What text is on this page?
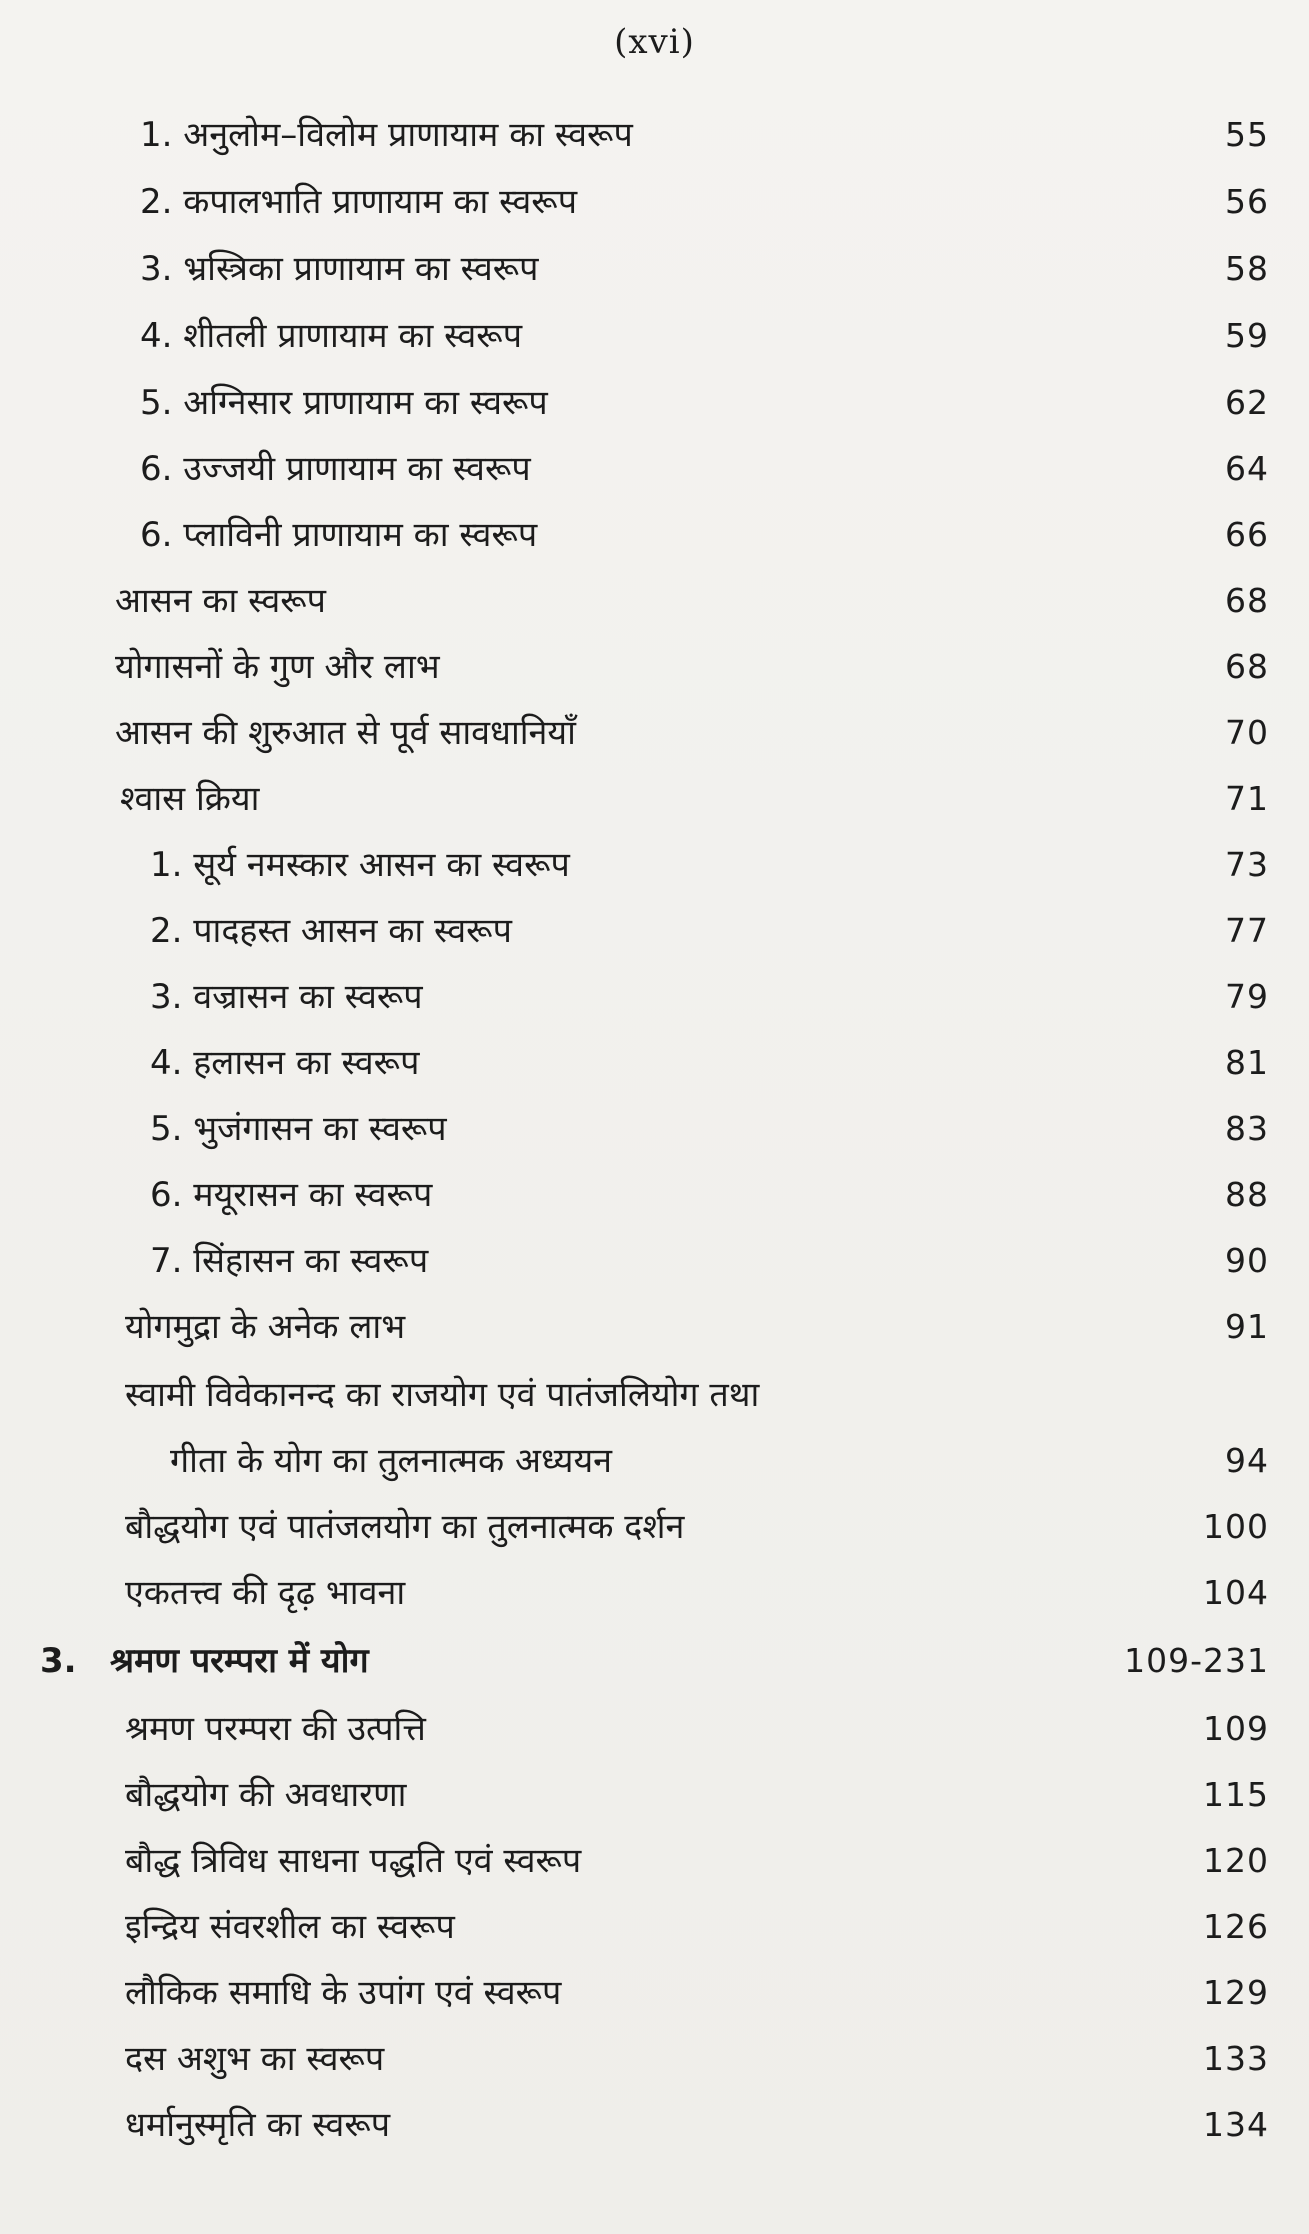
(xvi)
1. अनुलोम–विलोम प्राणायाम का स्वरूप	55
2. कपालभाति प्राणायाम का स्वरूप	56
3. भ्रस्त्रिका प्राणायाम का स्वरूप	58
4. शीतली प्राणायाम का स्वरूप	59
5. अग्निसार प्राणायाम का स्वरूप	62
6. उज्जयी प्राणायाम का स्वरूप	64
6. प्लाविनी प्राणायाम का स्वरूप	66
आसन का स्वरूप	68
योगासनों के गुण और लाभ	68
आसन की शुरुआत से पूर्व सावधानियाँ	70
श्वास क्रिया	71
1. सूर्य नमस्कार आसन का स्वरूप	73
2. पादहस्त आसन का स्वरूप	77
3. वज्रासन का स्वरूप	79
4. हलासन का स्वरूप	81
5. भुजंगासन का स्वरूप	83
6. मयूरासन का स्वरूप	88
7. सिंहासन का स्वरूप	90
योगमुद्रा के अनेक लाभ	91
स्वामी विवेकानन्द का राजयोग एवं पातंजलियोग तथा
गीता के योग का तुलनात्मक अध्ययन	94
बौद्धयोग एवं पातंजलयोग का तुलनात्मक दर्शन	100
एकतत्त्व की दृढ़ भावना	104
3. श्रमण परम्परा में योग	109-231
श्रमण परम्परा की उत्पत्ति	109
बौद्धयोग की अवधारणा	115
बौद्ध त्रिविध साधना पद्धति एवं स्वरूप	120
इन्द्रिय संवरशील का स्वरूप	126
लौकिक समाधि के उपांग एवं स्वरूप	129
दस अशुभ का स्वरूप	133
धर्मानुस्मृति का स्वरूप	134
